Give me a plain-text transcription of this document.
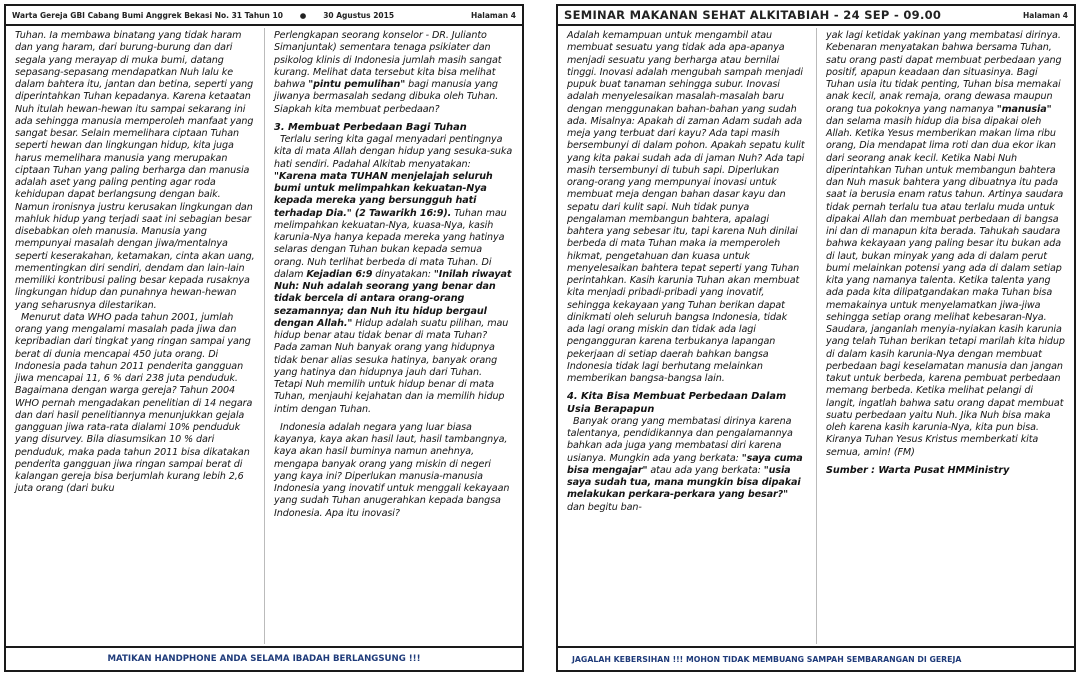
Warta Gereja GBI Cabang Bumi Anggrek Bekasi No. 31 Tahun 10 ● 30 Agustus 2015	Halaman 4

Tuhan. Ia membawa binatang yang tidak haram dan yang haram, dari burung-burung dan dari segala yang merayap di muka bumi, datang sepasang-sepasang mendapatkan Nuh lalu ke dalam bahtera itu, jantan dan betina, seperti yang diperintahkan Tuhan kepadanya. Karena ketaatan Nuh itulah hewan-hewan itu sampai sekarang ini ada sehingga manusia memperoleh manfaat yang sangat besar. Selain memelihara ciptaan Tuhan seperti hewan dan lingkungan hidup, kita juga harus memelihara manusia yang merupakan ciptaan Tuhan yang paling berharga dan manusia adalah aset yang paling penting agar roda kehidupan dapat berlangsung dengan baik. Namun ironisnya justru kerusakan lingkungan dan mahluk hidup yang terjadi saat ini sebagian besar disebabkan oleh manusia. Manusia yang mempunyai masalah dengan jiwa/mentalnya seperti keserakahan, ketamakan, cinta akan uang, mementingkan diri sendiri, dendam dan lain-lain memiliki kontribusi paling besar kepada rusaknya lingkungan hidup dan punahnya hewan-hewan yang seharusnya dilestarikan.

Menurut data WHO pada tahun 2001, jumlah orang yang mengalami masalah pada jiwa dan kepribadian dari tingkat yang ringan sampai yang berat di dunia mencapai 450 juta orang. Di Indonesia pada tahun 2011 penderita gangguan jiwa mencapai 11, 6 % dari 238 juta penduduk. Bagaimana dengan warga gereja? Tahun 2004 WHO pernah mengadakan penelitian di 14 negara dan dari hasil penelitiannya menunjukkan gejala gangguan jiwa rata-rata dialami 10% penduduk yang disurvey. Bila diasumsikan 10 % dari penduduk, maka pada tahun 2011 bisa dikatakan penderita gangguan jiwa ringan sampai berat di kalangan gereja bisa berjumlah kurang lebih 2,6 juta orang (dari buku

Perlengkapan seorang konselor - DR. Julianto Simanjuntak) sementara tenaga psikiater dan psikolog klinis di Indonesia jumlah masih sangat kurang. Melihat data tersebut kita bisa melihat bahwa "pintu pemulihan" bagi manusia yang jiwanya bermasalah sedang dibuka oleh Tuhan. Siapkah kita membuat perbedaan?

3. Membuat Perbedaan Bagi Tuhan

Terlalu sering kita gagal menyadari pentingnya kita di mata Allah dengan hidup yang sesuka-suka hati sendiri. Padahal Alkitab menyatakan: "Karena mata TUHAN menjelajah seluruh bumi untuk melimpahkan kekuatan-Nya kepada mereka yang bersungguh hati terhadap Dia." (2 Tawarikh 16:9). Tuhan mau melimpahkan kekuatan-Nya, kuasa-Nya, kasih karunia-Nya hanya kepada mereka yang hatinya selaras dengan Tuhan bukan kepada semua orang. Nuh terlihat berbeda di mata Tuhan. Di dalam Kejadian 6:9 dinyatakan: "Inilah riwayat Nuh: Nuh adalah seorang yang benar dan tidak bercela di antara orang-orang sezamannya; dan Nuh itu hidup bergaul dengan Allah." Hidup adalah suatu pilihan, mau hidup benar atau tidak benar di mata Tuhan? Pada zaman Nuh banyak orang yang hidupnya tidak benar alias sesuka hatinya, banyak orang yang hatinya dan hidupnya jauh dari Tuhan. Tetapi Nuh memilih untuk hidup benar di mata Tuhan, menjauhi kejahatan dan ia memilih hidup intim dengan Tuhan.

Indonesia adalah negara yang luar biasa kayanya, kaya akan hasil laut, hasil tambangnya, kaya akan hasil buminya namun anehnya, mengapa banyak orang yang miskin di negeri yang kaya ini? Diperlukan manusia-manusia Indonesia yang inovatif untuk menggali kekayaan yang sudah Tuhan anugerahkan kepada bangsa Indonesia. Apa itu inovasi?

MATIKAN HANDPHONE ANDA SELAMA IBADAH BERLANGSUNG !!!
SEMINAR MAKANAN SEHAT ALKITABIAH - 24 SEP - 09.00	Halaman 4

Adalah kemampuan untuk mengambil atau membuat sesuatu yang tidak ada apa-apanya menjadi sesuatu yang berharga atau bernilai tinggi. Inovasi adalah mengubah sampah menjadi pupuk buat tanaman sehingga subur. Inovasi adalah menyelesaikan masalah-masalah baru dengan menggunakan bahan-bahan yang sudah ada. Misalnya: Apakah di zaman Adam sudah ada meja yang terbuat dari kayu? Ada tapi masih bersembunyi di dalam pohon. Apakah sepatu kulit yang kita pakai sudah ada di jaman Nuh? Ada tapi masih tersembunyi di tubuh sapi. Diperlukan orang-orang yang mempunyai inovasi untuk membuat meja dengan bahan dasar kayu dan sepatu dari kulit sapi. Nuh tidak punya pengalaman membangun bahtera, apalagi bahtera yang sebesar itu, tapi karena Nuh dinilai berbeda di mata Tuhan maka ia memperoleh hikmat, pengetahuan dan kuasa untuk menyelesaikan bahtera tepat seperti yang Tuhan perintahkan. Kasih karunia Tuhan akan membuat kita menjadi pribadi-pribadi yang inovatif, sehingga kekayaan yang Tuhan berikan dapat dinikmati oleh seluruh bangsa Indonesia, tidak ada lagi orang miskin dan tidak ada lagi pengangguran karena terbukanya lapangan pekerjaan di setiap daerah bahkan bangsa Indonesia tidak lagi berhutang melainkan memberikan bangsa-bangsa lain.

4. Kita Bisa Membuat Perbedaan Dalam Usia Berapapun

Banyak orang yang membatasi dirinya karena talentanya, pendidikannya dan pengalamannya bahkan ada juga yang membatasi diri karena usianya. Mungkin ada yang berkata: "saya cuma bisa mengajar" atau ada yang berkata: "usia saya sudah tua, mana mungkin bisa dipakai melakukan perkara-perkara yang besar?" dan begitu ban-

yak lagi ketidak yakinan yang membatasi dirinya. Kebenaran menyatakan bahwa bersama Tuhan, satu orang pasti dapat membuat perbedaan yang positif, apapun keadaan dan situasinya. Bagi Tuhan usia itu tidak penting, Tuhan bisa memakai anak kecil, anak remaja, orang dewasa maupun orang tua pokoknya yang namanya "manusia" dan selama masih hidup dia bisa dipakai oleh Allah. Ketika Yesus memberikan makan lima ribu orang, Dia mendapat lima roti dan dua ekor ikan dari seorang anak kecil. Ketika Nabi Nuh diperintahkan Tuhan untuk membangun bahtera dan Nuh masuk bahtera yang dibuatnya itu pada saat ia berusia enam ratus tahun. Artinya saudara tidak pernah terlalu tua atau terlalu muda untuk dipakai Allah dan membuat perbedaan di bangsa ini dan di manapun kita berada. Tahukah saudara bahwa kekayaan yang paling besar itu bukan ada di laut, bukan minyak yang ada di dalam perut bumi melainkan potensi yang ada di dalam setiap kita yang namanya talenta. Ketika talenta yang ada pada kita dilipatgandakan maka Tuhan bisa memakainya untuk menyelamatkan jiwa-jiwa sehingga setiap orang melihat kebesaran-Nya. Saudara, janganlah menyia-nyiakan kasih karunia yang telah Tuhan berikan tetapi marilah kita hidup di dalam kasih karunia-Nya dengan membuat perbedaan bagi keselamatan manusia dan jangan takut untuk berbeda, karena pembuat perbedaan memang berbeda. Ketika melihat pelangi di langit, ingatlah bahwa satu orang dapat membuat suatu perbedaan yaitu Nuh. Jika Nuh bisa maka oleh karena kasih karunia-Nya, kita pun bisa. Kiranya Tuhan Yesus Kristus memberkati kita semua, amin! (FM)

Sumber : Warta Pusat HMMinistry
JAGALAH KEBERSIHAN !!! MOHON TIDAK MEMBUANG SAMPAH SEMBARANGAN DI GEREJA
